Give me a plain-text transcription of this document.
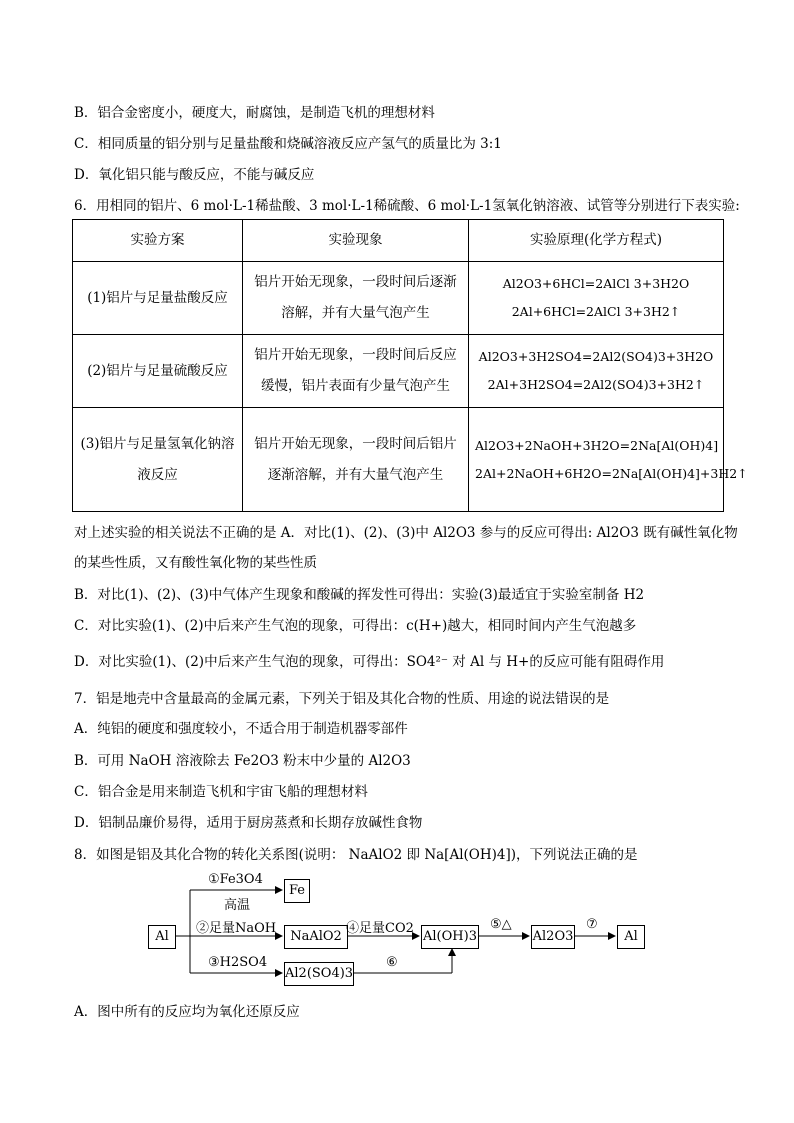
B．铝合金密度小，硬度大，耐腐蚀，是制造飞机的理想材料
C．相同质量的铝分别与足量盐酸和烧碱溶液反应产氢气的质量比为 3:1
D．氧化铝只能与酸反应，不能与碱反应
6．用相同的铝片、6 mol·L-1稀盐酸、3 mol·L-1稀硫酸、6 mol·L-1氢氧化钠溶液、试管等分别进行下表实验:
实验方案	实验现象	实验原理(化学方程式)
(1)铝片与足量盐酸反应	铝片开始无现象，一段时间后逐渐溶解，并有大量气泡产生	Al2O3+6HCl=2AlCl 3+3H2O
2Al+6HCl=2AlCl 3+3H2↑

(2)铝片与足量硫酸反应	铝片开始无现象，一段时间后反应缓慢，铝片表面有少量气泡产生	Al2O3+3H2SO4=2Al2(SO4)3+3H2O
2Al+3H2SO4=2Al2(SO4)3+3H2↑

(3)铝片与足量氢氧化钠溶液反应	铝片开始无现象，一段时间后铝片逐渐溶解，并有大量气泡产生	Al2O3+2NaOH+3H2O=2Na[Al(OH)4]
2Al+2NaOH+6H2O=2Na[Al(OH)4]+3H2↑
对上述实验的相关说法不正确的是 A．对比(1)、(2)、(3)中 Al2O3 参与的反应可得出: Al2O3 既有碱性氧化物
的某些性质，又有酸性氧化物的某些性质
B．对比(1)、(2)、(3)中气体产生现象和酸碱的挥发性可得出：实验(3)最适宜于实验室制备 H2
C．对比实验(1)、(2)中后来产生气泡的现象，可得出：c(H+)越大，相同时间内产生气泡越多
D．对比实验(1)、(2)中后来产生气泡的现象，可得出：SO4²⁻ 对 Al 与 H+的反应可能有阻碍作用
7．铝是地壳中含量最高的金属元素，下列关于铝及其化合物的性质、用途的说法错误的是
A．纯铝的硬度和强度较小，不适合用于制造机器零部件
B．可用 NaOH 溶液除去 Fe2O3 粉末中少量的 Al2O3
C．铝合金是用来制造飞机和宇宙飞船的理想材料
D．铝制品廉价易得，适用于厨房蒸煮和长期存放碱性食物
8．如图是铝及其化合物的转化关系图(说明： NaAlO2 即 Na[Al(OH)4])，下列说法正确的是
Al
Fe
NaAlO2	Al(OH)3	Al2O3	Al
Al2(SO4)3
①Fe3O4
高温
②足量NaOH
③H2SO4
④足量CO2	⑤△
⑥
⑦
A．图中所有的反应均为氧化还原反应
